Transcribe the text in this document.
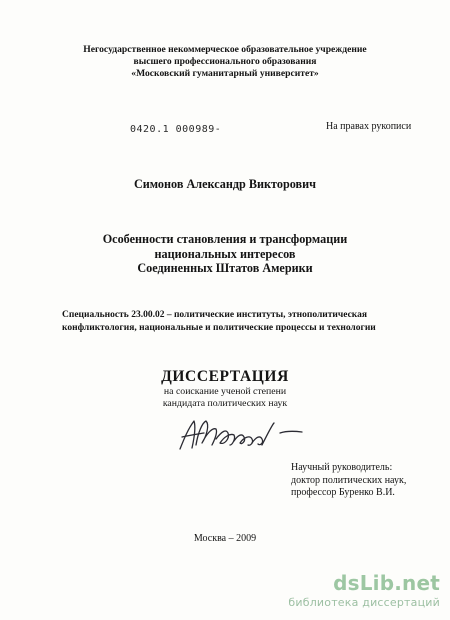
Негосударственное некоммерческое образовательное учреждение
высшего профессионального образования
«Московский гуманитарный университет»
0420.1 000989-	На правах рукописи
Симонов Александр Викторович
Особенности становления и трансформации
национальных интересов
Соединенных Штатов Америки
Специальность 23.00.02 – политические институты, этнополитическая
конфликтология, национальные и политические процессы и технологии
ДИССЕРТАЦИЯ
на соискание ученой степени
кандидата политических наук
Научный руководитель:
доктор политических наук,
профессор Буренко В.И.
Москва – 2009
dsLib.net
библиотека диссертаций
